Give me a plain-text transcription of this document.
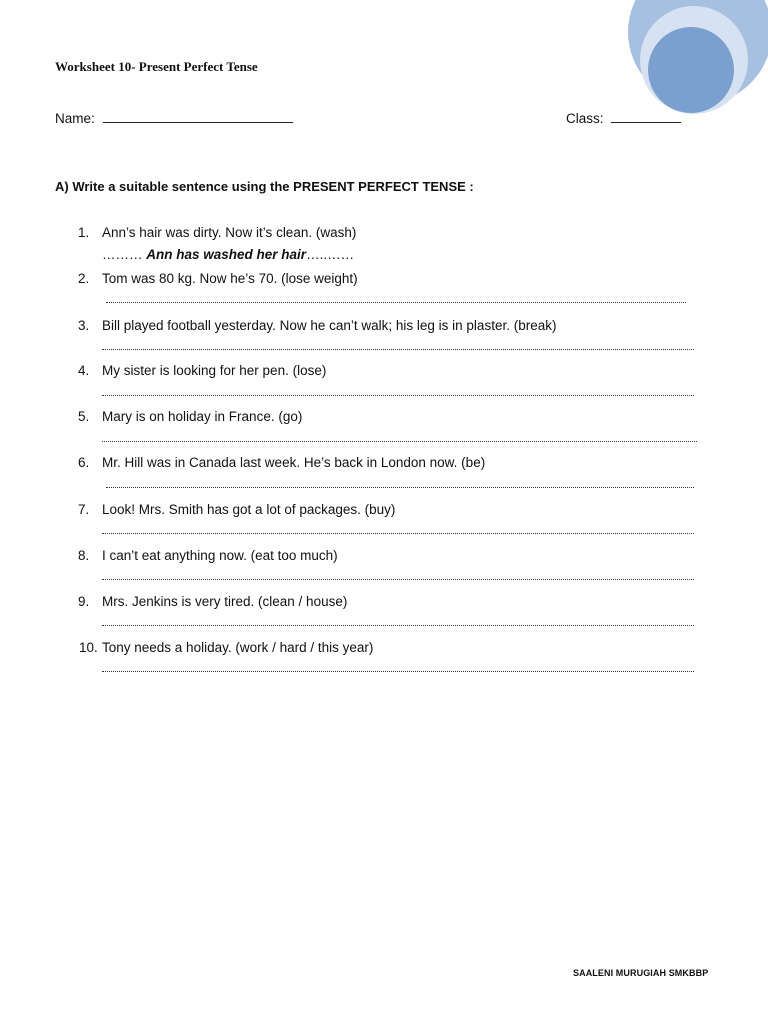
Worksheet 10- Present Perfect Tense
Name:	Class:
A) Write a suitable sentence using the PRESENT PERFECT TENSE :
1. Ann’s hair was dirty. Now it’s clean. (wash)
……… Ann has washed her hair…..……
2. Tom was 80 kg. Now he’s 70. (lose weight)
3. Bill played football yesterday. Now he can’t walk; his leg is in plaster. (break)
4. My sister is looking for her pen. (lose)
5. Mary is on holiday in France. (go)
6. Mr. Hill was in Canada last week. He’s back in London now. (be)
7. Look! Mrs. Smith has got a lot of packages. (buy)
8. I can’t eat anything now. (eat too much)
9. Mrs. Jenkins is very tired. (clean / house)
10. Tony needs a holiday. (work / hard / this year)
SAALENI MURUGIAH SMKBBP
